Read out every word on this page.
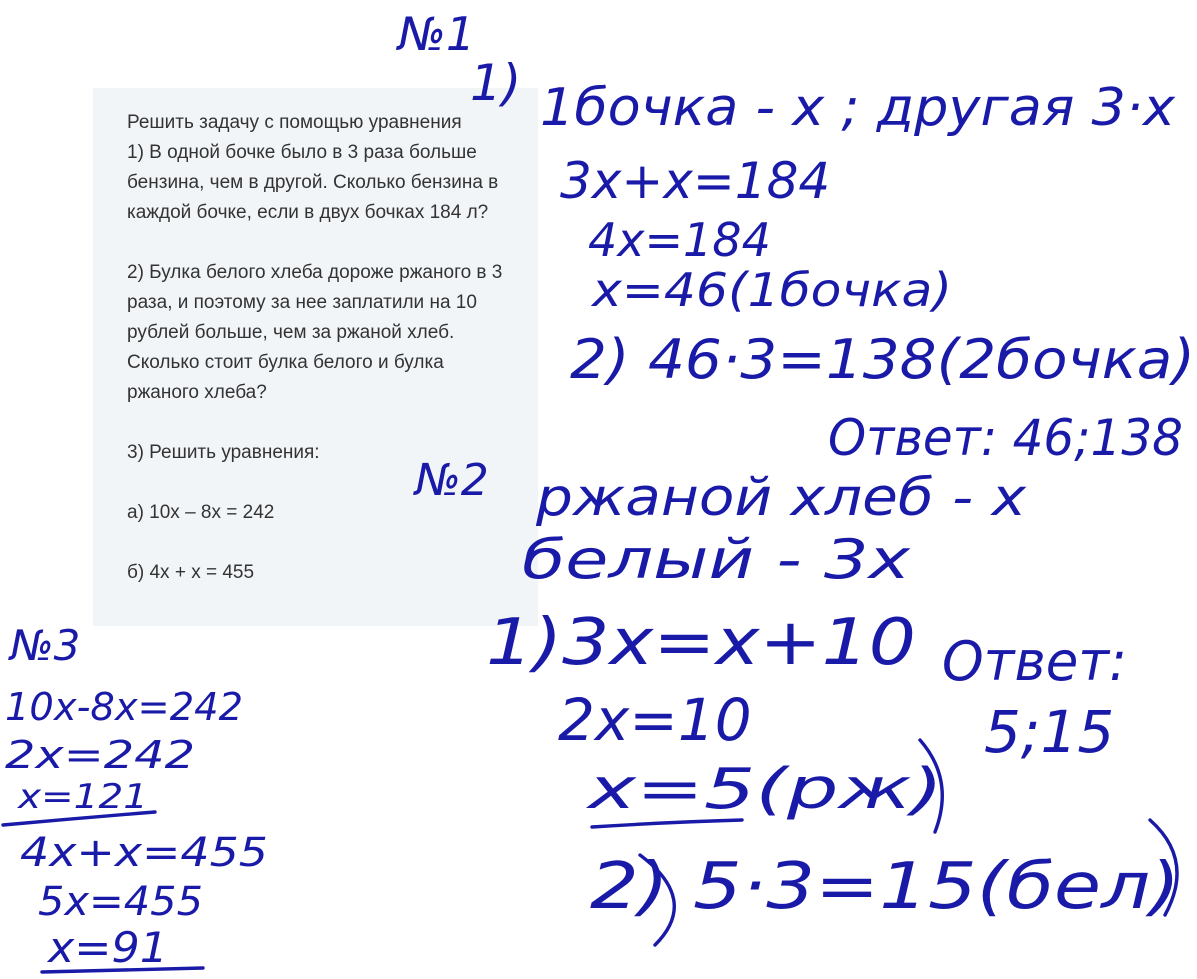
Решить задачу с помощью уравнения

1) В одной бочке было в 3 раза больше бензина, чем в другой. Сколько бензина в каждой бочке, если в двух бочках 184 л?

2) Булка белого хлеба дороже ржаного в 3 раза, и поэтому за нее заплатили на 10 рублей больше, чем за ржаной хлеб. Сколько стоит булка белого и булка ржаного хлеба?

3) Решить уравнения:

а) 10х – 8х = 242

б) 4х + х = 455

№1
1) 1бочка - x ; другая 3·x
3x+x=184
4x=184
x=46(1бочка)
2) 46·3=138(2бочка)
Ответ: 46;138
№2 ржаной хлеб - x
белый - 3x
1)3x=x+10 Ответ:
2x=10	5;15
x=5(рж)
2) 5·3=15(бел)
№3
10x-8x=242
2x=242
x=121
4x+x=455
5x=455
x=91
